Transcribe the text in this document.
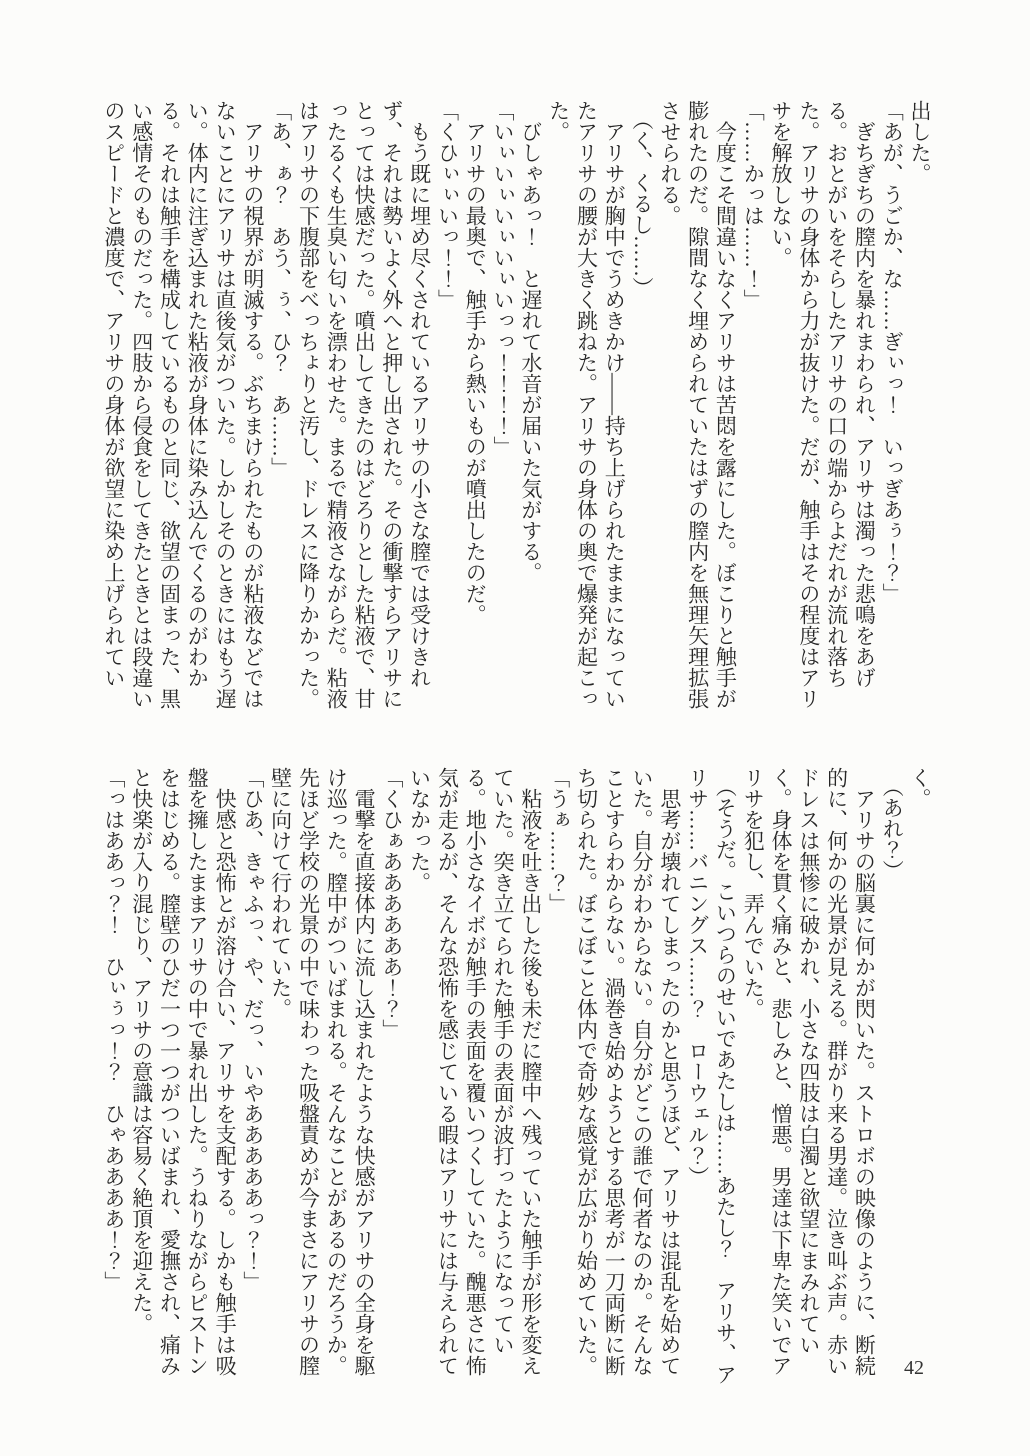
出した。

「あが、うごか、な……ぎぃっ！　いっぎあぅ！？」

ぎちぎちの膣内を暴れまわられ、アリサは濁った悲鳴をあげる。おとがいをそらしたアリサの口の端からよだれが流れ落ちた。アリサの身体から力が抜けた。だが、触手はその程度はアリサを解放しない。

「……かっは……！」

今度こそ間違いなくアリサは苦悶を露にした。ぼこりと触手が膨れたのだ。隙間なく埋められていたはずの膣内を無理矢理拡張させられる。

（く、くるし……）

アリサが胸中でうめきかけ――持ち上げられたままになっていたアリサの腰が大きく跳ねた。アリサの身体の奥で爆発が起こった。

びしゃあっ！　と遅れて水音が届いた気がする。

「いぃいぃいぃいぃいっっ！！！！」

アリサの最奥で、触手から熱いものが噴出したのだ。

「くひぃぃいっ！！」

もう既に埋め尽くされているアリサの小さな膣では受けきれず、それは勢いよく外へと押し出された。その衝撃すらアリサにとっては快感だった。噴出してきたのはどろりとした粘液で、甘ったるくも生臭い匂いを漂わせた。まるで精液さながらだ。粘液はアリサの下腹部をべっちょりと汚し、ドレスに降りかかった。

「あ、ぁ？　あう、ぅ、ひ？　あ……」

アリサの視界が明滅する。ぶちまけられたものが粘液などではないことにアリサは直後気がついた。しかしそのときにはもう遅い。体内に注ぎ込まれた粘液が身体に染み込んでくるのがわかる。それは触手を構成しているものと同じ、欲望の固まった、黒い感情そのものだった。四肢から侵食をしてきたときとは段違いのスピードと濃度で、アリサの身体が欲望に染め上げられてい

く。

（あれ？）

アリサの脳裏に何かが閃いた。ストロボの映像のように、断続的に、何かの光景が見える。群がり来る男達。泣き叫ぶ声。赤いドレスは無惨に破かれ、小さな四肢は白濁と欲望にまみれていく。身体を貫く痛みと、悲しみと、憎悪。男達は下卑た笑いでアリサを犯し、弄んでいた。

（そうだ。こいつらのせいであたしは……あたし？　アリサ、アリサ……バニングス……？　ローウェル？）

思考が壊れてしまったのかと思うほど、アリサは混乱を始めていた。自分がわからない。自分がどこの誰で何者なのか。そんなことすらわからない。渦巻き始めようとする思考が一刀両断に断ち切られた。ぼこぼこと体内で奇妙な感覚が広がり始めていた。

「うぁ……？」

粘液を吐き出した後も未だに膣中へ残っていた触手が形を変えていた。突き立てられた触手の表面が波打ったようになっている。地小さなイボが触手の表面を覆いつくしていた。醜悪さに怖気が走るが、そんな恐怖を感じている暇はアリサには与えられていなかった。

「くひぁああああああ！？」

電撃を直接体内に流し込まれたような快感がアリサの全身を駆け巡った。膣中がついばまれる。そんなことがあるのだろうか。先ほど学校の光景の中で味わった吸盤責めが今まさにアリサの膣壁に向けて行われていた。

「ひあ、きゃふっ、や、だっ、いやあああああっ？！」

快感と恐怖とが溶け合い、アリサを支配する。しかも触手は吸盤を擁したままアリサの中で暴れ出した。うねりながらピストンをはじめる。膣壁のひだ一つ一つがついばまれ、愛撫され、痛みと快楽が入り混じり、アリサの意識は容易く絶頂を迎えた。

「っはああっ？！　ひぃぅっ！？　ひゃああああ！？」

42
